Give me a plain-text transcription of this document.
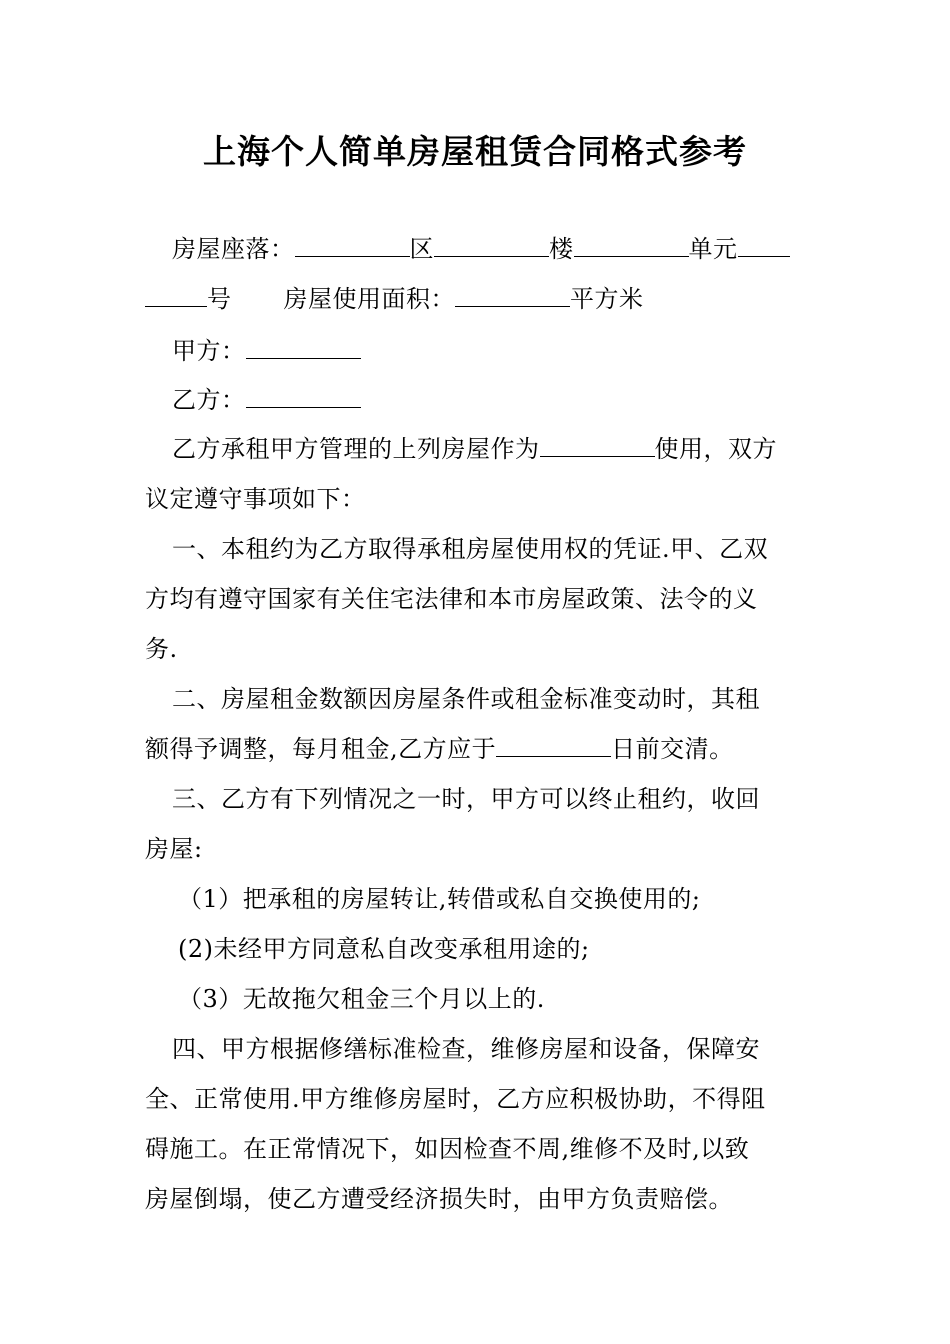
上海个人简单房屋租赁合同格式参考
房屋座落：	区	楼	单元
号 房屋使用面积：	平方米
甲方：
乙方：
乙方承租甲方管理的上列房屋作为	使用，双方
议定遵守事项如下：
一、本租约为乙方取得承租房屋使用权的凭证.甲、乙双
方均有遵守国家有关住宅法律和本市房屋政策、法令的义
务.
二、房屋租金数额因房屋条件或租金标准变动时，其租
额得予调整，每月租金,乙方应于	日前交清。
三、乙方有下列情况之一时，甲方可以终止租约，收回
房屋:
（1）把承租的房屋转让,转借或私自交换使用的;
(2)未经甲方同意私自改变承租用途的;
（3）无故拖欠租金三个月以上的.
四、甲方根据修缮标准检查，维修房屋和设备，保障安
全、正常使用.甲方维修房屋时，乙方应积极协助，不得阻
碍施工。在正常情况下，如因检查不周,维修不及时,以致
房屋倒塌，使乙方遭受经济损失时，由甲方负责赔偿。
